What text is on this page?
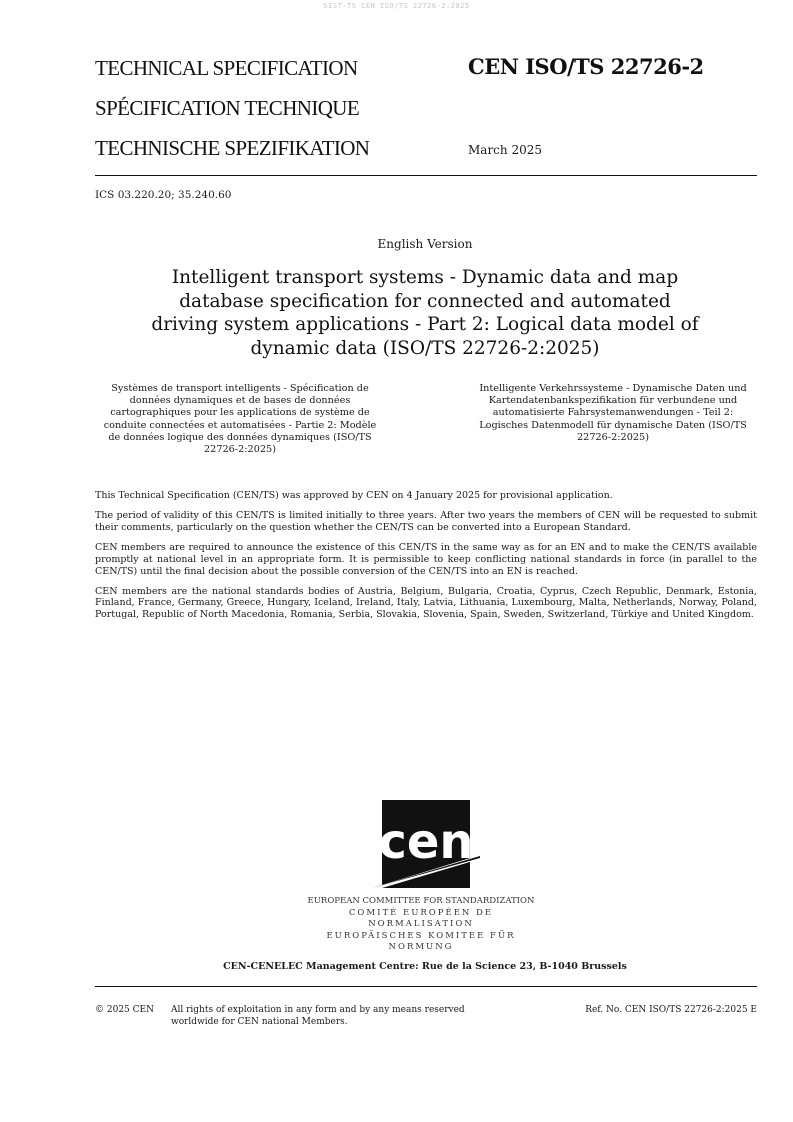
SIST-TS CEN ISO/TS 22726-2:2025
TECHNICAL SPECIFICATION
SPÉCIFICATION TECHNIQUE
TECHNISCHE SPEZIFIKATION
CEN ISO/TS 22726-2
March 2025
ICS 03.220.20; 35.240.60
English Version
Intelligent transport systems - Dynamic data and map
database specification for connected and automated
driving system applications - Part 2: Logical data model of
dynamic data (ISO/TS 22726-2:2025)
Systèmes de transport intelligents - Spécification de
données dynamiques et de bases de données
cartographiques pour les applications de système de
conduite connectées et automatisées - Partie 2: Modèle
de données logique des données dynamiques (ISO/TS
22726-2:2025)
Intelligente Verkehrssysteme - Dynamische Daten und
Kartendatenbankspezifikation für verbundene und
automatisierte Fahrsystemanwendungen - Teil 2:
Logisches Datenmodell für dynamische Daten (ISO/TS
22726-2:2025)

This Technical Specification (CEN/TS) was approved by CEN on 4 January 2025 for provisional application.

The period of validity of this CEN/TS is limited initially to three years. After two years the members of CEN will be requested to submit their comments, particularly on the question whether the CEN/TS can be converted into a European Standard.

CEN members are required to announce the existence of this CEN/TS in the same way as for an EN and to make the CEN/TS available promptly at national level in an appropriate form. It is permissible to keep conflicting national standards in force (in parallel to the CEN/TS) until the final decision about the possible conversion of the CEN/TS into an EN is reached.

CEN members are the national standards bodies of Austria, Belgium, Bulgaria, Croatia, Cyprus, Czech Republic, Denmark, Estonia, Finland, France, Germany, Greece, Hungary, Iceland, Ireland, Italy, Latvia, Lithuania, Luxembourg, Malta, Netherlands, Norway, Poland, Portugal, Republic of North Macedonia, Romania, Serbia, Slovakia, Slovenia, Spain, Sweden, Switzerland, Türkiye and United Kingdom.

cen
EUROPEAN COMMITTEE FOR STANDARDIZATION
COMITÉ EUROPÉEN DE NORMALISATION
EUROPÄISCHES KOMITEE FÜR NORMUNG
CEN-CENELEC Management Centre: Rue de la Science 23, B-1040 Brussels
© 2025 CEN All rights of exploitation in any form and by any means reserved
worldwide for CEN national Members.
Ref. No. CEN ISO/TS 22726-2:2025 E
